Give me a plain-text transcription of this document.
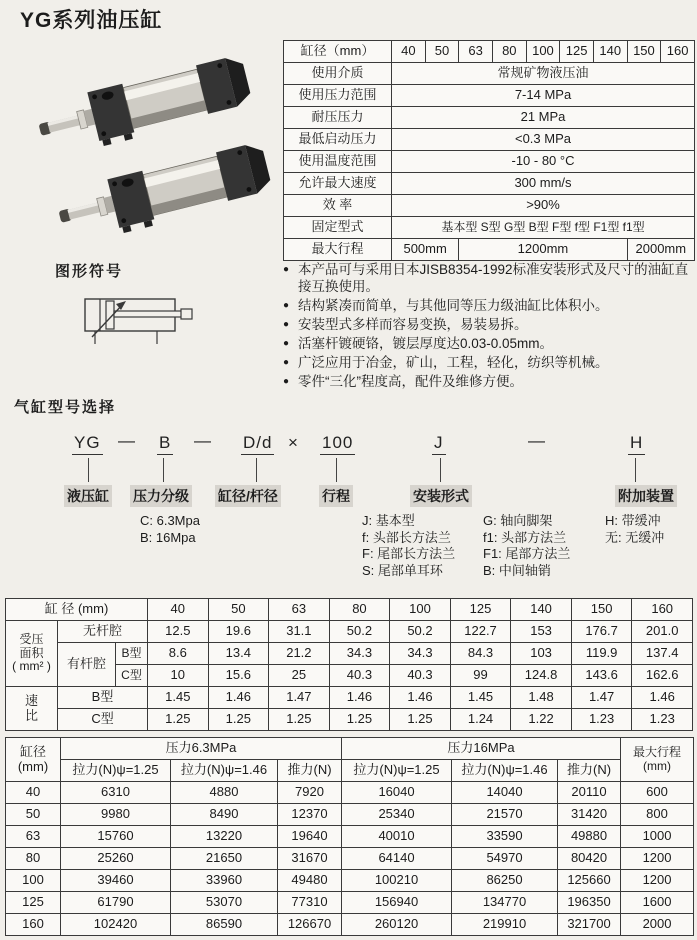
YG系列油压缸
缸径（mm）	40	50	63	80	100	125	140	150	160
使用介质	常规矿物液压油								
使用压力范围	7-14 MPa								
耐压压力	21 MPa								
最低启动压力	<0.3 MPa								
使用温度范围	-10 - 80 °C								
允许最大速度	300 mm/s								
效 率	>90%								
固定型式	基本型 S型 G型 B型 F型 f型 F1型 f1型								
最大行程	500mm		1200mm					2000mm	
图形符号	● 本产品可与采用日本JISB8354-1992标准安装形式及尺寸的油缸直接互换使用。
● 结构紧凑而简单，与其他同等压力级油缸比体积小。
● 安装型式多样而容易变换，易装易拆。
● 活塞杆镀硬铬，镀层厚度达0.03-0.05mm。
● 广泛应用于冶金，矿山，工程，轻化，纺织等机械。
● 零件“三化”程度高，配件及维修方便。
气缸型号选择
YG — B — D/d × 100	J	—	H
液压缸 压力分级 缸径/杆径	行程	安装形式	附加装置
C: 6.3Mpa
B: 16Mpa
J: 基本型
f: 头部长方法兰
F: 尾部长方法兰
S: 尾部单耳环
G: 轴向脚架
f1: 头部方法兰
F1: 尾部方法兰
B: 中间轴销
H: 带缓冲
无: 无缓冲
缸 径 (mm)			40	50	63	80	100	125	140	150	160

受压
面积
( mm² )	无杆腔		12.5	19.6	31.1	50.2	50.2	122.7	153	176.7	201.0
	有杆腔	B型	8.6	13.4	21.2	34.3	34.3	84.3	103	119.9	137.4
		C型	10	15.6	25	40.3	40.3	99	124.8	143.6	162.6

速
比	B型		1.45	1.46	1.47	1.46	1.46	1.45	1.48	1.47	1.46
	C型		1.25	1.25	1.25	1.25	1.25	1.24	1.22	1.23	1.23
缸径
(mm)
	压力6.3MPa	压力16MPa	最大行程
(mm)

	拉力(N)ψ=1.25	拉力(N)ψ=1.46	推力(N)	拉力(N)ψ=1.25	拉力(N)ψ=1.46	推力(N)	
40	6310	4880	7920	16040	14040	20110	600
50	9980	8490	12370	25340	21570	31420	800
63	15760	13220	19640	40010	33590	49880	1000
80	25260	21650	31670	64140	54970	80420	1200
100	39460	33960	49480	100210	86250	125660	1200
125	61790	53070	77310	156940	134770	196350	1600
160	102420	86590	126670	260120	219910	321700	2000
